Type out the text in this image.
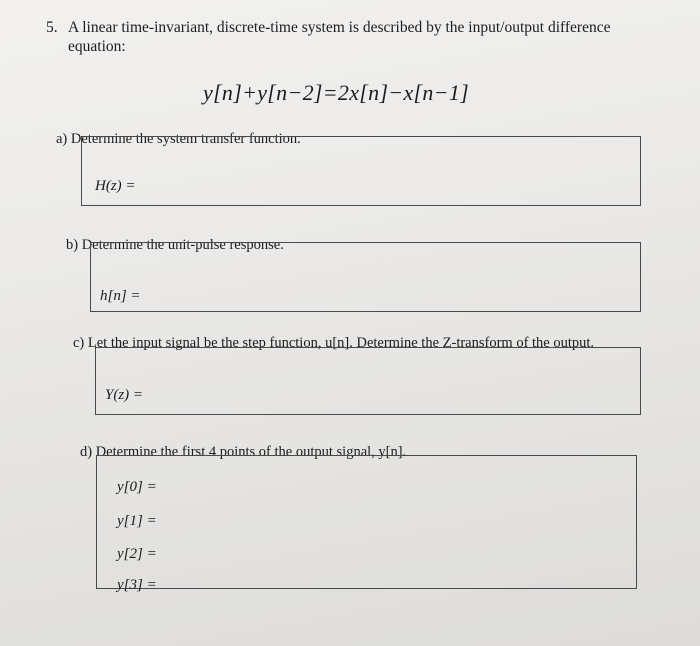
5. A linear time-invariant, discrete-time system is described by the input/output difference
equation:
y[n]+y[n−2]=2x[n]−x[n−1]
a) Determine the system transfer function.
H(z) =
b) Determine the unit-pulse response.
h[n] =
c) Let the input signal be the step function, u[n]. Determine the Z-transform of the output.
Y(z) =
d) Determine the first 4 points of the output signal, y[n].
y[0] =
y[1] =
y[2] =
y[3] =
